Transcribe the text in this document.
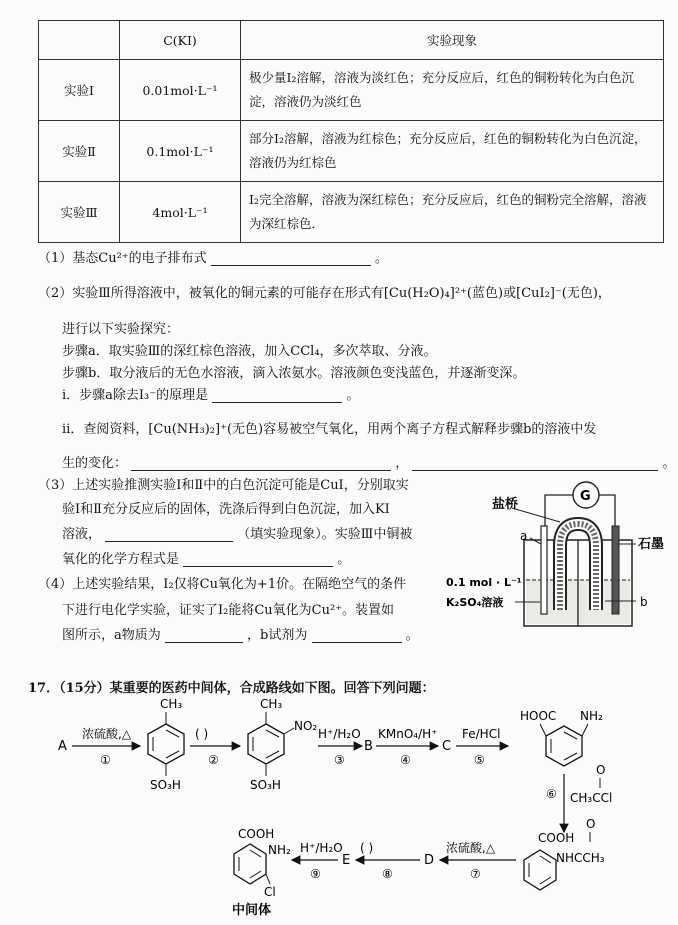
	C(KI)	实验现象
实验Ⅰ	0.01mol·L⁻¹	极少量I₂溶解，溶液为淡红色；充分反应后，红色的铜粉转化为白色沉淀，溶液仍为淡红色
实验Ⅱ	0.1mol·L⁻¹	部分I₂溶解，溶液为红棕色；充分反应后，红色的铜粉转化为白色沉淀，溶液仍为红棕色
实验Ⅲ	4mol·L⁻¹	I₂完全溶解，溶液为深红棕色；充分反应后，红色的铜粉完全溶解，溶液为深红棕色．
（1）基态Cu²⁺的电子排布式	。
（2）实验Ⅲ所得溶液中，被氧化的铜元素的可能存在形式有[Cu(H₂O)₄]²⁺(蓝色)或[CuI₂]⁻(无色)，
进行以下实验探究：
步骤a．取实验Ⅲ的深红棕色溶液，加入CCl₄，多次萃取、分液。
步骤b．取分液后的无色水溶液，滴入浓氨水。溶液颜色变浅蓝色，并逐渐变深。
ⅰ．步骤a除去I₃⁻的原理是	。
ⅱ．查阅资料，[Cu(NH₃)₂]⁺(无色)容易被空气氧化，用两个离子方程式解释步骤b的溶液中发
生的变化：	，	。
（3）上述实验推测实验Ⅰ和Ⅱ中的白色沉淀可能是CuI，分别取实
验Ⅰ和Ⅱ充分反应后的固体，洗涤后得到白色沉淀，加入KI
溶液，	（填实验现象）。实验Ⅲ中铜被
氧化的化学方程式是	。
（4）上述实验结果，I₂仅将Cu氧化为+1价。在隔绝空气的条件
下进行电化学实验，证实了I₂能将Cu氧化为Cu²⁺。装置如
图所示，a物质为	，b试剂为	。
G
盐桥
a
石墨
b
0.1 mol · L⁻¹
K₂SO₄溶液
17．（15分）某重要的医药中间体，合成路线如下图。回答下列问题：
A
浓硫酸,△
①
CH₃
SO₃H
( )
②
CH₃
NO₂
SO₃H
H⁺/H₂O
③
B
KMnO₄/H⁺
④
C
Fe/HCl
⑤
HOOC NH₂
⑥
O
CH₃CCl
COOH
O
NHCCH₃
浓硫酸,△
⑦
D
( )
⑧
E
H⁺/H₂O
⑨
COOH
NH₂
Cl
中间体
